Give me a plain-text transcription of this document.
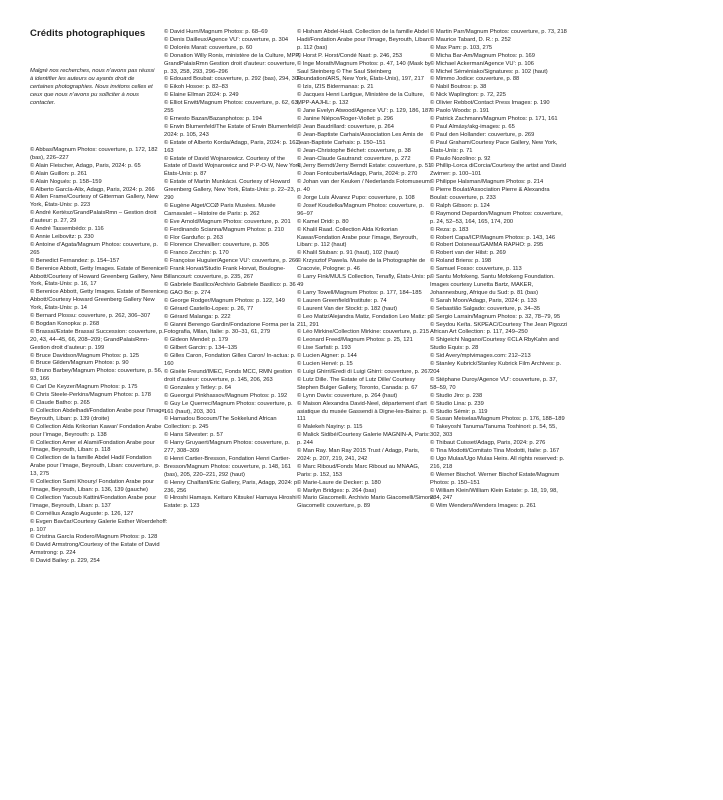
Crédits photographiques

Malgré nos recherches, nous n’avons pas réussi à identifier les auteurs ou ayants droit de certaines photographies. Nous invitons celles et ceux que nous n’avons pu solliciter à nous contacter.

© Abbas/Magnum Photos: couverture, p. 172, 182 (bas), 226–227

© Alain Fleischer, Adagp, Paris, 2024: p. 65

© Alain Guillon: p. 261

© Alain Nogués: p. 158–159

© Alberto García-Alix, Adagp, Paris, 2024: p. 266

© Allen Frame/Courtesy of Gitterman Gallery, New York, États-Unis: p. 223

© André Kertész/GrandPalaisRmn – Gestion droit d’auteur: p. 27, 29

© André Tassembédo: p. 116

© Annie Leibovitz: p. 230

© Antoine d’Agata/Magnum Photos: couverture, p. 265

© Benedict Fernandez: p. 154–157

© Berenice Abbott, Getty Images. Estate of Berenice Abbott/Courtesy of Howard Greenberg Gallery, New York, États-Unis: p. 16, 17

© Berenice Abbott, Getty Images. Estate of Berenice Abbott/Courtesy Howard Greenberg Gallery New York, États-Unis: p. 14

© Bernard Plossu: couverture, p. 262, 306–307

© Bogdan Konopka: p. 268

© Brassaï/Estate Brassaï Succession: couverture, p. 20, 43, 44–45, 66, 208–209; GrandPalaisRmn-Gestion droit d’auteur: p. 199

© Bruce Davidson/Magnum Photos: p. 125

© Bruce Gilden/Magnum Photos: p. 90

© Bruno Barbey/Magnum Photos: couverture, p. 56, 93, 166

© Carl De Keyzer/Magnum Photos: p. 175

© Chris Steele-Perkins/Magnum Photos: p. 178

© Claude Batho: p. 265

© Collection Abdelhadi/Fondation Arabe pour l’image, Beyrouth, Liban: p. 139 (droite)

© Collection Alda Krikorian Kawar/ Fondation Arabe pour l’image, Beyrouth: p. 138

© Collection Amer el Alami/Fondation Arabe pour l’image, Beyrouth, Liban: p. 118

© Collection de la famille Abdel Hadi/ Fondation Arabe pour l’image, Beyrouth, Liban: couverture, p. 13, 275

© Collection Sami Khoury/ Fondation Arabe pour l’image, Beyrouth, Liban: p. 136, 139 (gauche)

© Collection Yacoub Kattini/Fondation Arabe pour l’image, Beyrouth, Liban: p. 137

© Cornélius Azaglo Auguste: p. 126, 127

© Evgen Bavčar/Courtesy Galerie Esther Woerdehoff: p. 107

© Cristina García Rodero/Magnum Photos: p. 128

© David Armstrong/Courtesy of the Estate of David Armstrong: p. 224

© David Bailey: p. 229, 254

© David Hurn/Magnum Photos: p. 68–69

© Denis Dailleux/Agence VU’: couverture, p. 304

© Dolorès Marat: couverture, p. 60

© Donation Willy Ronis, ministère de la Culture, MPP, GrandPalaisRmn Gestion droit d’auteur: couverture, p. 33, 258, 293, 296–296

© Edouard Boubat: couverture, p. 292 (bas), 294, 300

© Eikoh Hosoe: p. 82–83

© Elaine Ellman 2024: p. 249

© Elliot Erwitt/Magnum Photos: couverture, p. 62, 63, 255

© Ernesto Bazan/Bazanphotos: p. 194

© Erwin Blumenfeld/The Estate of Erwin Blumenfeld, 2024: p. 105, 243

© Estate of Alberto Korda/Adagp, Paris, 2024: p. 162, 163

© Estate of David Wojnarowicz. Courtesy of the Estate of David Wojnarowicz and P·P·O·W, New York, États-Unis: p. 87

© Estate of Martin Munkácsi. Courtesy of Howard Greenberg Gallery, New York, États-Unis: p. 22–23, 290

© Eugène Atget/CCØ Paris Musées. Musée Carnavalet – Histoire de Paris: p. 262

© Eve Arnold/Magnum Photos: couverture, p. 201

© Ferdinando Scianna/Magnum Photos: p. 210

© Flor Garduño: p. 263

© Florence Chevallier: couverture, p. 305

© Franco Zecchin: p. 170

© Françoise Huguier/Agence VU’: couverture, p. 266

© Frank Horvat/Studio Frank Horvat, Boulogne-Billancourt: couverture, p. 235, 267

© Gabriele Basilico/Archivio Gabriele Basilico: p. 36

© GAO Bo: p. 274

© George Rodger/Magnum Photos: p. 122, 149

© Gérard Castello-Lopes: p. 26, 77

© Gérard Malanga: p. 222

© Gianni Berengo Gardin/Fondazione Forma per la Fotografia, Milan, Italie: p. 30–31, 61, 279

© Gideon Mendel: p. 179

© Gilbert Garcin: p. 134–135

© Gilles Caron, Fondation Gilles Caron/ In-actua: p. 160

© Gisèle Freund/IMEC, Fonds MCC, RMN gestion droit d’auteur: couverture, p. 145, 206, 263

© Gonzales y Tetley: p. 64

© Gueorgui Pinkhassov/Magnum Photos: p. 192

© Guy Le Querrec/Magnum Photos: couverture, p. 161 (haut), 203, 301

© Hamadou Bocoum/The Sokkelund African Collection: p. 245

© Hans Silvester: p. 57

© Harry Gruyaert/Magnum Photos: couverture, p. 277, 308–309

© Henri Cartier-Bresson, Fondation Henri Cartier-Bresson/Magnum Photos: couverture, p. 148, 161 (bas), 205, 220–221, 292 (haut)

© Henry Chalfant/Eric Gallery, Paris, Adagp, 2024: p. 236, 256

© Hiroshi Hamaya. Keitaro Kitsuke/ Hamaya Hiroshi Estate: p. 123

© Hisham Abdel-Hadi. Collection de la famille Abdel Hadi/Fondation Arabe pour l’image, Beyrouth, Liban: p. 112 (bas)

© Horst P. Horst/Condé Nast: p. 246, 253

© Inge Morath/Magnum Photos: p. 47, 140 (Mask by Saul Steinberg © The Saul Steinberg Foundation/ARS, New York, États-Unis), 197, 217

© Izis, IZIS Bidermanas: p. 21

© Jacques Henri Lartigue, Ministère de la Culture, MPP-AAJHL: p. 132

© Jane Evelyn Atwood/Agence VU’: p. 129, 186, 187

© Janine Niépce/Roger-Viollet: p. 296

© Jean Baudrillard: couverture, p. 264

© Jean-Baptiste Carhaix/Association Les Amis de Jean-Baptiste Carhaix: p. 150–151

© Jean-Christophe Béchet: couverture, p. 38

© Jean-Claude Gautrand: couverture, p. 272

© Jerry Berndt/Jerry Berndt Estate: couverture, p. 51

© Joan Fontcuberta/Adagp, Paris, 2024: p. 270

© Johan van der Keuken / Nederlands Fotomuseum: p. 40

© Jorge Luis Álvarez Pupo: couverture, p. 108

© Josef Koudelka/Magnum Photos: couverture, p. 96–97

© Kamel Dridi: p. 80

© Khalil Raad. Collection Alda Krikorian Kawar/Fondation Arabe pour l’image, Beyrouth, Liban: p. 112 (haut)

© Khalil Stuban: p. 91 (haut), 102 (haut)

© Krzysztof Pawela. Musée de la Photographie de Cracovie, Pologne: p. 46

© Larry Fink/MULS Collection, Tenafly, États-Unis: p. 49

© Larry Towell/Magnum Photos: p. 177, 184–185

© Lauren Greenfield/Institute: p. 74

© Laurent Van der Stockt: p. 182 (haut)

© Leo Matiz/Alejandra Matiz, Fondation Leo Matiz: p. 211, 291

© Léo Mirkine/Collection Mirkine: couverture, p. 215

© Leonard Freed/Magnum Photos: p. 25, 121

© Lise Sarfati: p. 193

© Lucien Aigner: p. 144

© Lucien Hervé: p. 15

© Luigi Ghirri/Eredi di Luigi Ghirri: couverture, p. 267

© Lutz Dille. The Estate of Lutz Dille/ Courtesy Stephen Bulger Gallery, Toronto, Canada: p. 67

© Lynn Davis: couverture, p. 264 (haut)

© Maison Alexandra David-Neel, département d’art asiatique du musée Gassendi à Digne-les-Bains: p. 111

© Malekeh Nayiny: p. 115

© Malick Sidibé/Courtesy Galerie MAGNIN-A, Paris: p. 244

© Man Ray. Man Ray 2015 Trust / Adagp, Paris, 2024: p. 207, 219, 241, 242

© Marc Riboud/Fonds Marc Riboud au MNAAG, Paris: p. 152, 153

© Marie-Laure de Decker: p. 180

© Marilyn Bridges: p. 264 (bas)

© Mario Giacomelli. Archivio Mario Giacomelli/Simone Giacomelli: couverture, p. 89

© Martin Parr/Magnum Photos: couverture, p. 73, 218

© Maurice Tabard, D. R.: p. 252

© Max Pam: p. 103, 275

© Micha Bar-Am/Magnum Photos: p. 169

© Michael Ackerman/Agence VU’: p. 106

© Michel Séméniako/Signatures: p. 102 (haut)

© Mimmo Jodice: couverture, p. 88

© Nabil Boutros: p. 38

© Nick Waplington: p. 72, 225

© Olivier Rebbot/Contact Press Images: p. 190

© Paolo Woods: p. 191

© Patrick Zachmann/Magnum Photos: p. 171, 161

© Paul Almásy/akg-images: p. 65

© Paul den Hollander: couverture, p. 269

© Paul Graham/Courtesy Pace Gallery, New York, États-Unis: p. 71

© Paulo Nozolino: p. 92

© Phillip-Lorca diCorcia/Courtesy the artist and David Zwirner: p. 100–101

© Philippe Halsman/Magnum Photos: p. 214

© Pierre Boulat/Association Pierre & Alexandra Boulat: couverture, p. 233

© Ralph Gibson: p. 124

© Raymond Depardon/Magnum Photos: couverture, p. 24, 52–53, 164, 165, 174, 200

© Reza: p. 183

© Robert Capa/ICP/Magnum Photos: p. 143, 146

© Robert Doisneau/GAMMA RAPHO: p. 295

© Robert van der Hilst: p. 269

© Roland Briens: p. 198

© Samuel Fosso: couverture, p. 113

© Santu Mofokeng. Santu Mofokeng Foundation. Images courtesy Lunetta Bartz, MAKER, Johannesburg, Afrique du Sud: p. 81 (bas)

© Sarah Moon/Adagp, Paris, 2024: p. 133

© Sebastião Salgado: couverture, p. 34–35

© Sergio Larrain/Magnum Photos: p. 32, 78–79, 95

© Seydou Keïta. SKPEAC/Courtesy The Jean Pigozzi African Art Collection: p. 117, 249–250

© Shigeichi Nagano/Courtesy ©CLA RbyKahn and Studio Equis: p. 28

© Sid Avery/mptvimages.com: 212–213

© Stanley Kubrick/Stanley Kubrick Film Archives: p. 204

© Stéphane Duroy/Agence VU’: couverture, p. 37, 58–59, 70

© Studio Jiro: p. 238

© Studio Lina: p. 239

© Studio Sémir: p. 119

© Susan Meiselas/Magnum Photos: p. 176, 188–189

© Takeyoshi Tanuma/Tanuma Toshinori: p. 54, 55, 302, 303

© Thibaut Cuisset/Adagp, Paris, 2024: p. 276

© Tina Modotti/Comitato Tina Modotti, Italie: p. 167

© Ugo Mulas/Ugo Mulas Heirs. All rights reserved: p. 216, 218

© Werner Bischof. Werner Bischof Estate/Magnum Photos: p. 150–151

© William Klein/William Klein Estate: p. 18, 19, 98, 234, 247

© Wim Wenders/Wenders Images: p. 261
